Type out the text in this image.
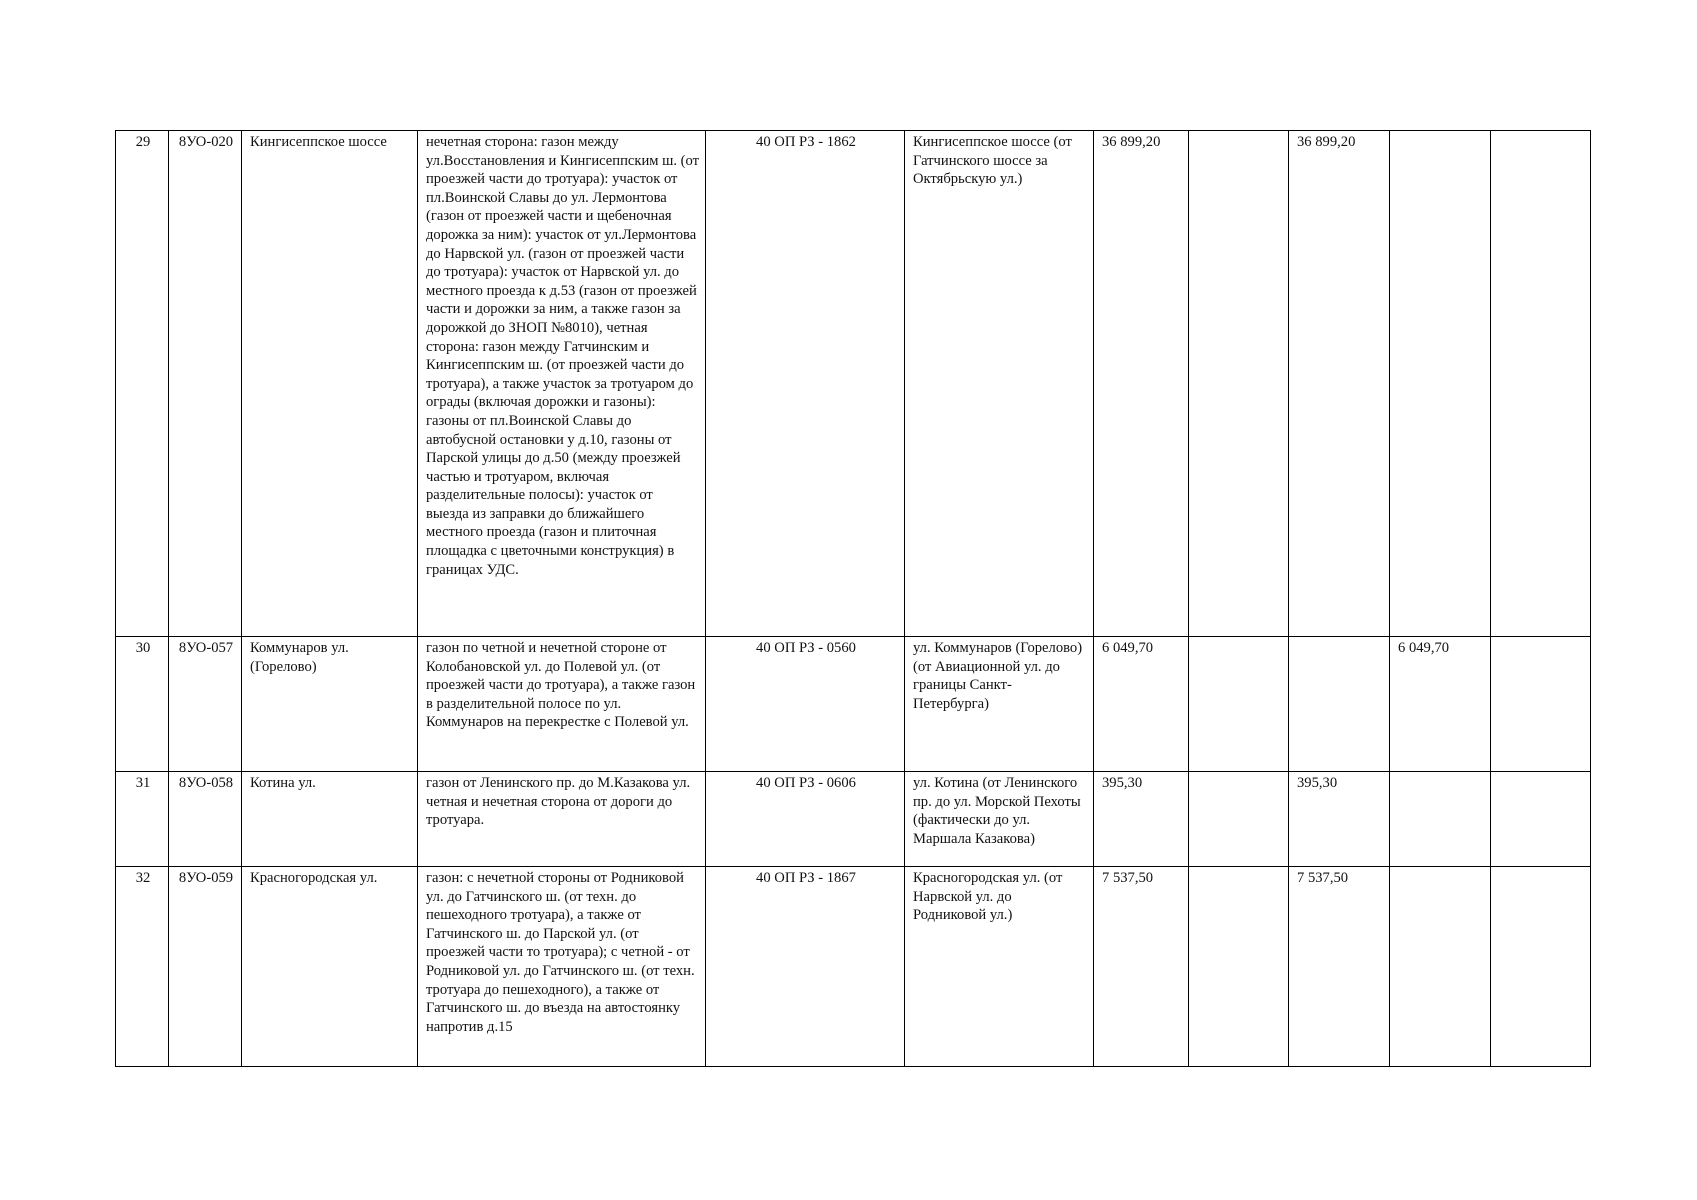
29	8УО-020	Кингисеппское шоссе	нечетная сторона: газон между ул.Восстановления и Кингисеппским ш. (от проезжей части до тротуара): участок от пл.Воинской Славы до ул. Лермонтова (газон от проезжей части и щебеночная дорожка за ним): участок от ул.Лермонтова до Нарвской ул. (газон от проезжей части до тротуара): участок от Нарвской ул. до местного проезда к д.53 (газон от проезжей части и дорожки за ним, а также газон за дорожкой до ЗНОП №8010), четная сторона: газон между Гатчинским и Кингисеппским ш. (от проезжей части до тротуара), а также участок за тротуаром до ограды (включая дорожки и газоны): газоны от пл.Воинской Славы до автобусной остановки у д.10, газоны от Парской улицы до д.50 (между проезжей частью и тротуаром, включая разделительные полосы): участок от выезда из заправки до ближайшего местного проезда (газон и плиточная площадка с цветочными конструкция) в границах УДС.	40 ОП РЗ - 1862	Кингисеппское шоссе (от Гатчинского шоссе за Октябрьскую ул.)	36 899,20		36 899,20		
30	8УО-057	Коммунаров ул.(Горелово)	газон по четной и нечетной стороне от Колобановской ул. до Полевой ул. (от проезжей части до тротуара), а также газон в разделительной полосе по ул. Коммунаров на перекрестке с Полевой ул.	40 ОП РЗ - 0560	ул. Коммунаров (Горелово) (от Авиационной ул. до границы Санкт-Петербурга)	6 049,70			6 049,70	
31	8УО-058	Котина ул.	газон от Ленинского пр. до М.Казакова ул. четная и нечетная сторона от дороги до тротуара.	40 ОП РЗ - 0606	ул. Котина (от Ленинского пр. до ул. Морской Пехоты (фактически до ул. Маршала Казакова)	395,30		395,30		
32	8УО-059	Красногородская ул.	газон: с нечетной стороны от Родниковой ул. до Гатчинского ш. (от техн. до пешеходного тротуара), а также от Гатчинского ш. до Парской ул. (от проезжей части то тротуара); с четной - от Родниковой ул. до Гатчинского ш. (от техн. тротуара до пешеходного), а также от Гатчинского ш. до въезда на автостоянку напротив д.15	40 ОП РЗ - 1867	Красногородская ул. (от Нарвской ул. до Родниковой ул.)	7 537,50		7 537,50		
